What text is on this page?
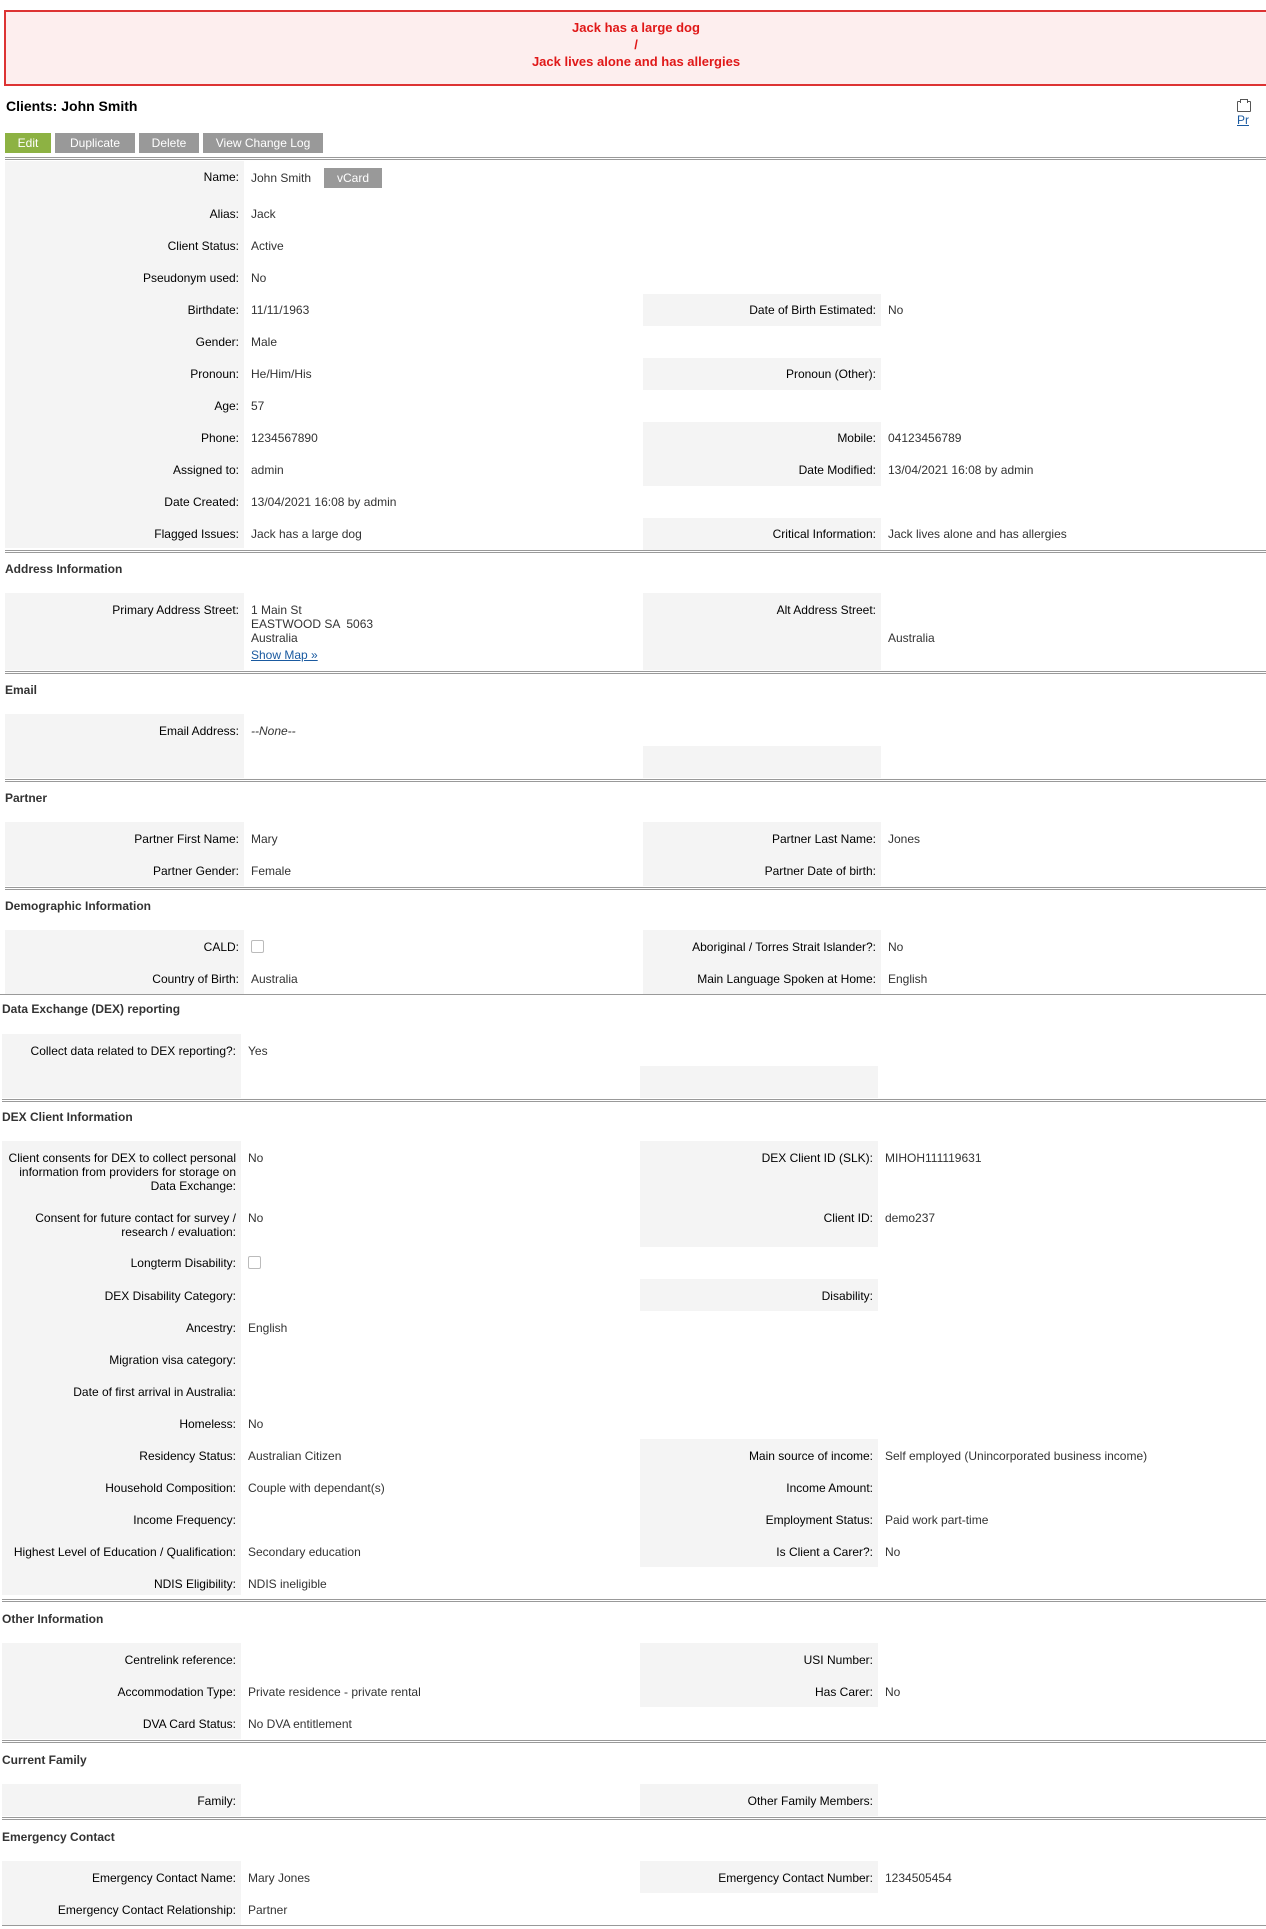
Jack has a large dog
/
Jack lives alone and has allergies
Clients: John Smith
Pr
Edit	Duplicate	Delete	View Change Log
Name: John Smith	vCard
Alias: Jack
Client Status: Active
Pseudonym used: No
Birthdate: 11/11/1963	Date of Birth Estimated: No
Gender: Male
Pronoun: He/Him/His	Pronoun (Other):
Age: 57
Phone: 1234567890	Mobile: 04123456789
Assigned to: admin	Date Modified: 13/04/2021 16:08 by admin
Date Created: 13/04/2021 16:08 by admin
Flagged Issues: Jack has a large dog	Critical Information: Jack lives alone and has allergies
Address Information
Primary Address Street: 1 Main St
EASTWOOD SA  5063
Australia
Show Map »
Alt Address Street:
Australia
Email
Email Address: --None--
Partner
Partner First Name: Mary	Partner Last Name: Jones
Partner Gender: Female	Partner Date of birth:
Demographic Information
CALD:	Aboriginal / Torres Strait Islander?: No
Country of Birth: Australia	Main Language Spoken at Home: English
Data Exchange (DEX) reporting
Collect data related to DEX reporting?: Yes
DEX Client Information
Client consents for DEX to collect personal information from providers for storage on Data Exchange:
No	DEX Client ID (SLK): MIHOH111119631
Consent for future contact for survey / research / evaluation:
No	Client ID: demo237
Longterm Disability:
DEX Disability Category:	Disability:
Ancestry: English
Migration visa category:
Date of first arrival in Australia:
Homeless: No
Residency Status: Australian Citizen	Main source of income: Self employed (Unincorporated business income)
Household Composition: Couple with dependant(s)	Income Amount:
Income Frequency:	Employment Status: Paid work part-time
Highest Level of Education / Qualification: Secondary education	Is Client a Carer?: No
NDIS Eligibility: NDIS ineligible
Other Information
Centrelink reference:	USI Number:
Accommodation Type: Private residence - private rental	Has Carer: No
DVA Card Status: No DVA entitlement
Current Family
Family:	Other Family Members:
Emergency Contact
Emergency Contact Name: Mary Jones	Emergency Contact Number: 1234505454
Emergency Contact Relationship: Partner
